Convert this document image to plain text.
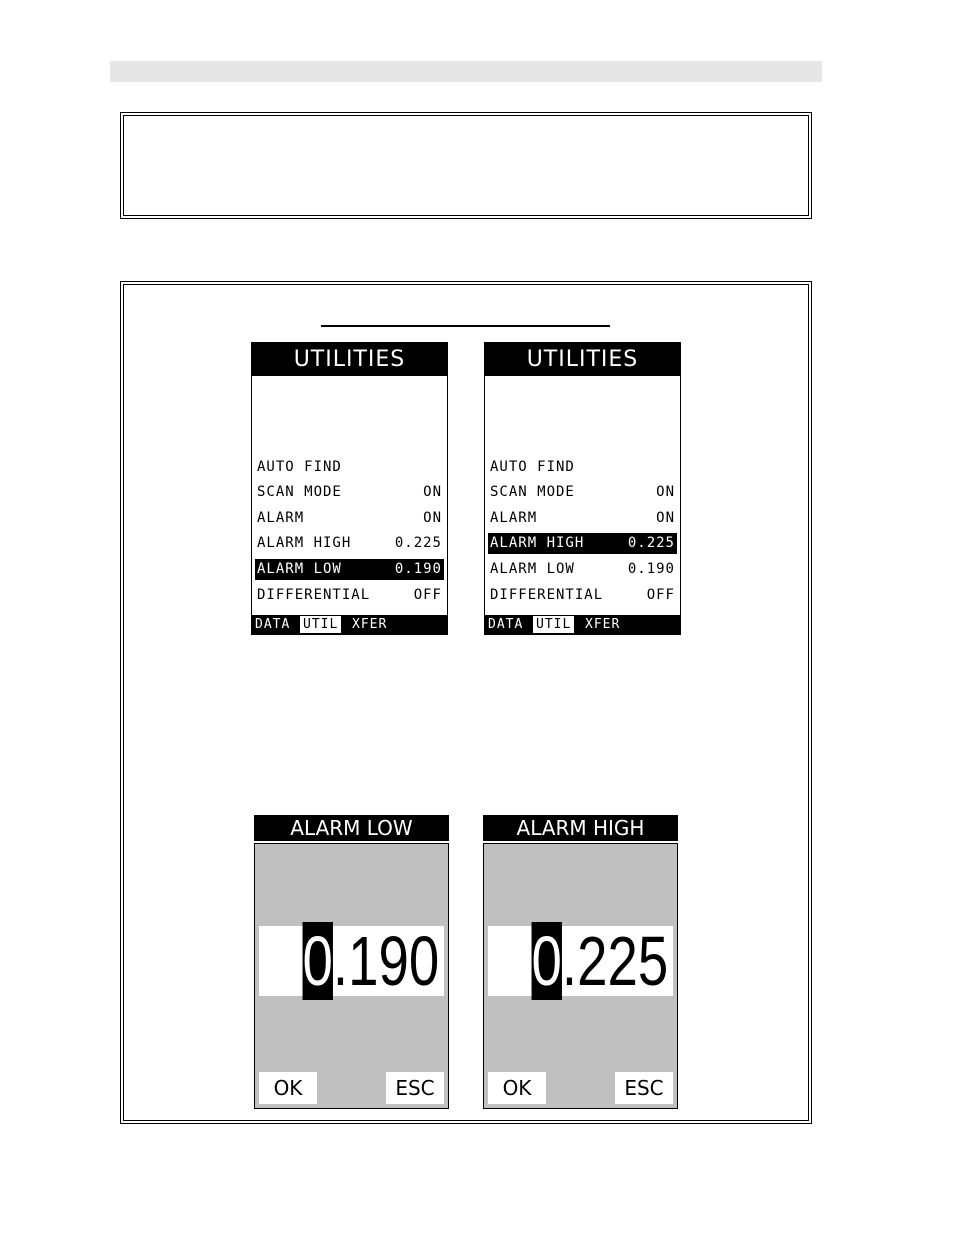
UTILITIES
AUTO FIND
SCAN MODE	ON
ALARM	ON
ALARM HIGH	0.225
ALARM LOW	0.190
DIFFERENTIAL	OFF
DATA UTIL XFER
UTILITIES
AUTO FIND
SCAN MODE	ON
ALARM	ON
ALARM HIGH	0.225
ALARM LOW	0.190
DIFFERENTIAL	OFF
DATA UTIL XFER
ALARM LOW
0.190
OK	ESC
ALARM HIGH
0.225
OK	ESC
